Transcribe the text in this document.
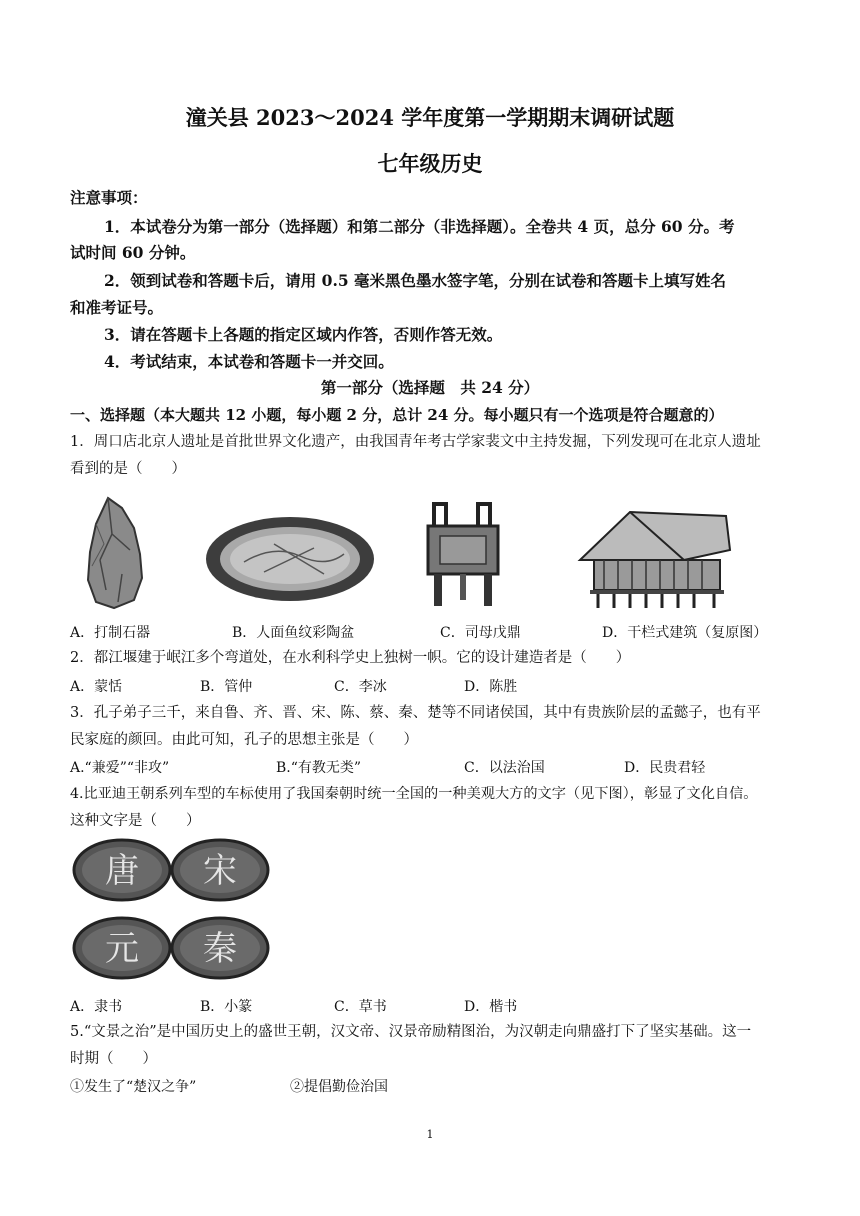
潼关县 2023～2024 学年度第一学期期末调研试题
七年级历史
注意事项：
1．本试卷分为第一部分（选择题）和第二部分（非选择题）。全卷共 4 页，总分 60 分。考
试时间 60 分钟。
2．领到试卷和答题卡后，请用 0.5 毫米黑色墨水签字笔，分别在试卷和答题卡上填写姓名
和准考证号。
3．请在答题卡上各题的指定区域内作答，否则作答无效。
4．考试结束，本试卷和答题卡一并交回。
第一部分（选择题　共 24 分）
一、选择题（本大题共 12 小题，每小题 2 分，总计 24 分。每小题只有一个选项是符合题意的）
1．周口店北京人遗址是首批世界文化遗产，由我国青年考古学家裴文中主持发掘，下列发现可在北京人遗址
看到的是（　　）
A．打制石器	B．人面鱼纹彩陶盆	C．司母戊鼎	D．干栏式建筑（复原图）
2．都江堰建于岷江多个弯道处，在水利科学史上独树一帜。它的设计建造者是（　　）
A．蒙恬	B．管仲	C．李冰	D．陈胜
3．孔子弟子三千，来自鲁、齐、晋、宋、陈、蔡、秦、楚等不同诸侯国，其中有贵族阶层的孟懿子，也有平
民家庭的颜回。由此可知，孔子的思想主张是（　　）
A.“兼爱”“非攻”	B.“有教无类”	C．以法治国	D．民贵君轻
4.比亚迪王朝系列车型的车标使用了我国秦朝时统一全国的一种美观大方的文字（见下图），彰显了文化自信。
这种文字是（　　）
唐 宋
元 秦
A．隶书	B．小篆	C．草书	D．楷书
5.“文景之治”是中国历史上的盛世王朝，汉文帝、汉景帝励精图治，为汉朝走向鼎盛打下了坚实基础。这一
时期（　　）
①发生了“楚汉之争”	②提倡勤俭治国
1
